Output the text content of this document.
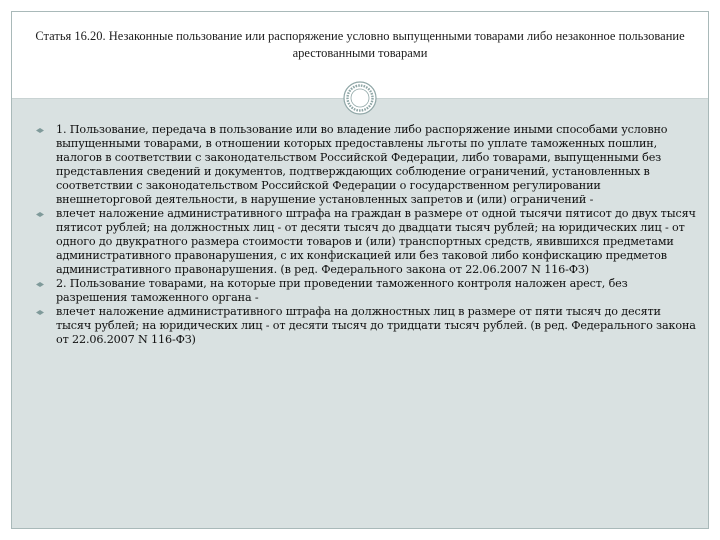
Статья 16.20. Незаконные пользование или распоряжение условно выпущенными товарами либо незаконное пользование арестованными товарами
1. Пользование, передача в пользование или во владение либо распоряжение иными способами условно выпущенными товарами, в отношении которых предоставлены льготы по уплате таможенных пошлин, налогов в соответствии с законодательством Российской Федерации, либо товарами, выпущенными без представления сведений и документов, подтверждающих соблюдение ограничений, установленных в соответствии с законодательством Российской Федерации о государственном регулировании внешнеторговой деятельности, в нарушение установленных запретов и (или) ограничений -
влечет наложение административного штрафа на граждан в размере от одной тысячи пятисот до двух тысяч пятисот рублей; на должностных лиц - от десяти тысяч до двадцати тысяч рублей; на юридических лиц - от одного до двукратного размера стоимости товаров и (или) транспортных средств, явившихся предметами административного правонарушения, с их конфискацией или без таковой либо конфискацию предметов административного правонарушения. (в ред. Федерального закона от 22.06.2007 N 116-ФЗ)
2. Пользование товарами, на которые при проведении таможенного контроля наложен арест, без разрешения таможенного органа -
влечет наложение административного штрафа на должностных лиц в размере от пяти тысяч до десяти тысяч рублей; на юридических лиц - от десяти тысяч до тридцати тысяч рублей. (в ред. Федерального закона от 22.06.2007 N 116-ФЗ)
